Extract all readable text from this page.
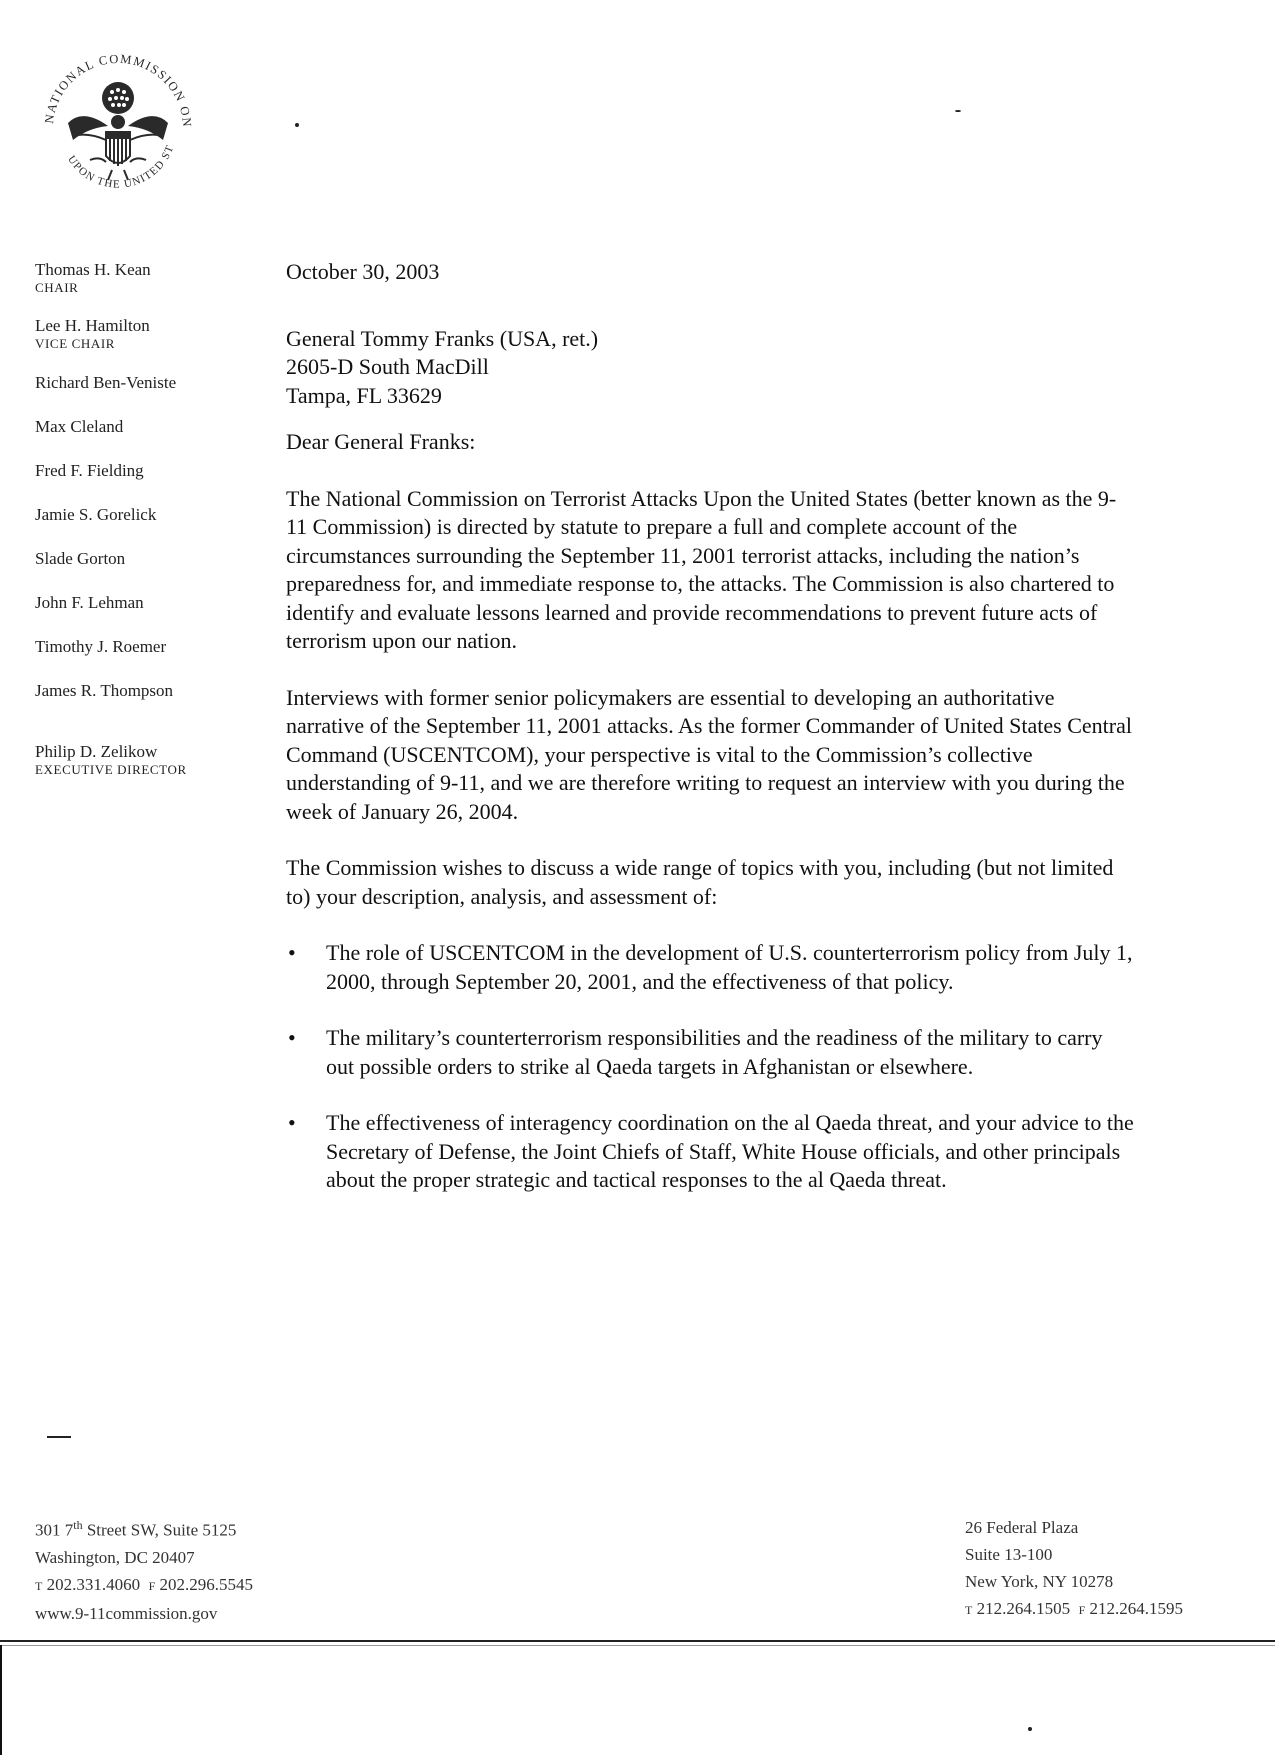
NATIONAL COMMISSION ON
UPON THE UNITED ST
Thomas H. Kean
CHAIR
Lee H. Hamilton
VICE CHAIR
Richard Ben-Veniste
Max Cleland
Fred F. Fielding
Jamie S. Gorelick
Slade Gorton
John F. Lehman
Timothy J. Roemer
James R. Thompson
Philip D. Zelikow
EXECUTIVE DIRECTOR

October 30, 2003

General Tommy Franks (USA, ret.)

2605-D South MacDill

Tampa, FL 33629

Dear General Franks:

The National Commission on Terrorist Attacks Upon the United States (better known as the 9-11 Commission) is directed by statute to prepare a full and complete account of the circumstances surrounding the September 11, 2001 terrorist attacks, including the nation’s preparedness for, and immediate response to, the attacks. The Commission is also chartered to identify and evaluate lessons learned and provide recommendations to prevent future acts of terrorism upon our nation.

Interviews with former senior policymakers are essential to developing an authoritative narrative of the September 11, 2001 attacks. As the former Commander of United States Central Command (USCENTCOM), your perspective is vital to the Commission’s collective understanding of 9-11, and we are therefore writing to request an interview with you during the week of January 26, 2004.

The Commission wishes to discuss a wide range of topics with you, including (but not limited to) your description, analysis, and assessment of:

• The role of USCENTCOM in the development of U.S. counterterrorism policy from July 1, 2000, through September 20, 2001, and the effectiveness of that policy.
• The military’s counterterrorism responsibilities and the readiness of the military to carry out possible orders to strike al Qaeda targets in Afghanistan or elsewhere.
• The effectiveness of interagency coordination on the al Qaeda threat, and your advice to the Secretary of Defense, the Joint Chiefs of Staff, White House officials, and other principals about the proper strategic and tactical responses to the al Qaeda threat.
301 7th Street SW, Suite 5125
Washington, DC 20407
T 202.331.4060 F 202.296.5545
www.9-11commission.gov
26 Federal Plaza
Suite 13-100
New York, NY 10278
T 212.264.1505 F 212.264.1595
